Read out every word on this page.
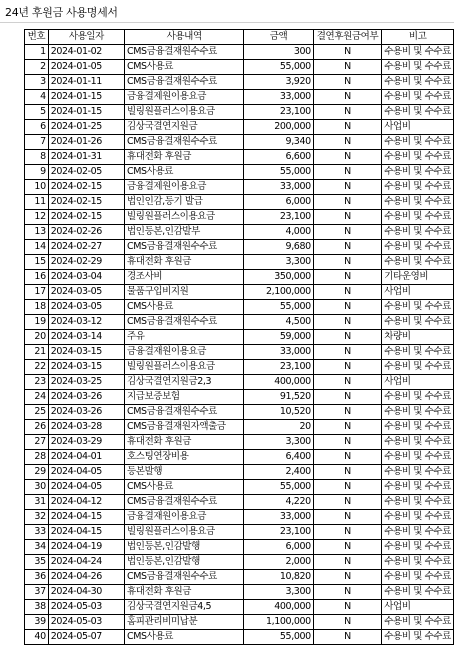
24년 후원금 사용명세서
번호	사용일자	사용내역	금액	결연후원금여부	비고
1	2024-01-02	CMS금융결재원수수료	300	N	수용비 및 수수료
2	2024-01-05	CMS사용료	55,000	N	수용비 및 수수료
3	2024-01-11	CMS금융결재원수수료	3,920	N	수용비 및 수수료
4	2024-01-15	금융결제원이용요금	33,000	N	수용비 및 수수료
5	2024-01-15	빌링원플러스이용요금	23,100	N	수용비 및 수수료
6	2024-01-25	김상국결연지원금	200,000	N	사업비
7	2024-01-26	CMS금융결재원수수료	9,340	N	수용비 및 수수료
8	2024-01-31	휴대전화 후원금	6,600	N	수용비 및 수수료
9	2024-02-05	CMS사용료	55,000	N	수용비 및 수수료
10	2024-02-15	금융결제원이용요금	33,000	N	수용비 및 수수료
11	2024-02-15	법인인감,등기 발급	6,000	N	수용비 및 수수료
12	2024-02-15	빌링원플러스이용요금	23,100	N	수용비 및 수수료
13	2024-02-26	법인등본,인감발부	4,000	N	수용비 및 수수료
14	2024-02-27	CMS금융결재원수수료	9,680	N	수용비 및 수수료
15	2024-02-29	휴대전화 후원금	3,300	N	수용비 및 수수료
16	2024-03-04	경조사비	350,000	N	기타운영비
17	2024-03-05	물품구입비지원	2,100,000	N	사업비
18	2024-03-05	CMS사용료	55,000	N	수용비 및 수수료
19	2024-03-12	CMS금융결재원수수료	4,500	N	수용비 및 수수료
20	2024-03-14	주유	59,000	N	차량비
21	2024-03-15	금융결재원이용요금	33,000	N	수용비 및 수수료
22	2024-03-15	빌링원플러스이용요금	23,100	N	수용비 및 수수료
23	2024-03-25	김상국결연지원금2,3	400,000	N	사업비
24	2024-03-26	지급보증보험	91,520	N	수용비 및 수수료
25	2024-03-26	CMS금융결재원수수료	10,520	N	수용비 및 수수료
26	2024-03-28	CMS금융결재원자액출금	20	N	수용비 및 수수료
27	2024-03-29	휴대전화 후원금	3,300	N	수용비 및 수수료
28	2024-04-01	호스팅연장비용	6,400	N	수용비 및 수수료
29	2024-04-05	등본발행	2,400	N	수용비 및 수수료
30	2024-04-05	CMS사용료	55,000	N	수용비 및 수수료
31	2024-04-12	CMS금융결재원수수료	4,220	N	수용비 및 수수료
32	2024-04-15	금융결재원이용요금	33,000	N	수용비 및 수수료
33	2024-04-15	빌링원플러스이용요금	23,100	N	수용비 및 수수료
34	2024-04-19	법인등본,인감발행	6,000	N	수용비 및 수수료
35	2024-04-24	법인등본,인감발행	2,000	N	수용비 및 수수료
36	2024-04-26	CMS금융결재원수수료	10,820	N	수용비 및 수수료
37	2024-04-30	휴대전화 후원금	3,300	N	수용비 및 수수료
38	2024-05-03	김상국결연지원금4,5	400,000	N	사업비
39	2024-05-03	홈피관리비미납분	1,100,000	N	수용비 및 수수료
40	2024-05-07	CMS사용료	55,000	N	수용비 및 수수료
